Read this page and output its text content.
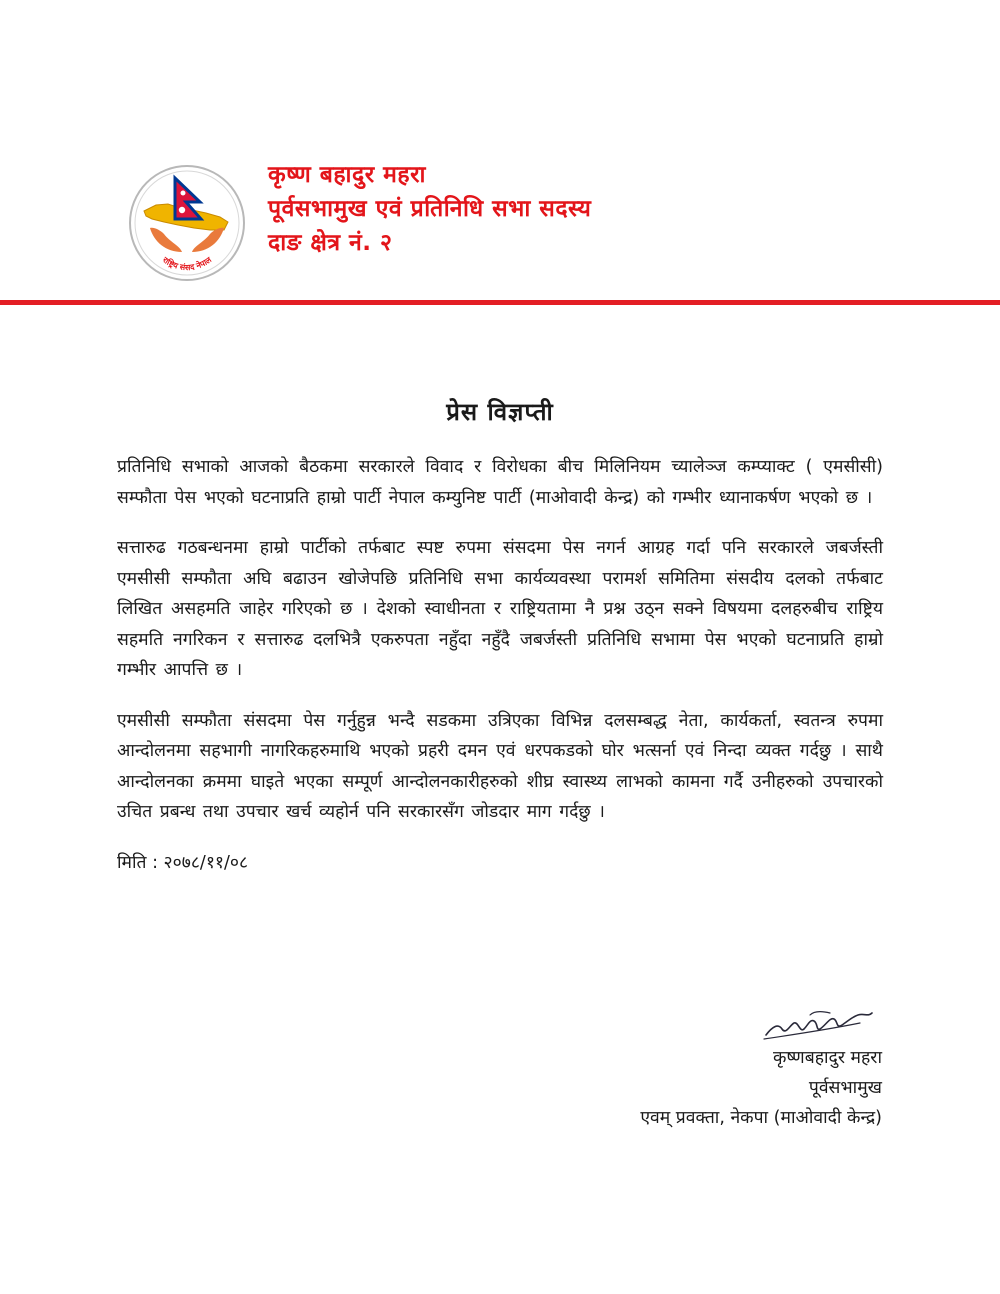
राष्ट्रिय संसद नेपाल
कृष्ण बहादुर महरा
पूर्वसभामुख एवं प्रतिनिधि सभा सदस्य
दाङ क्षेत्र नं. २
प्रेस विज्ञप्ती

प्रतिनिधि सभाको आजको बैठकमा सरकारले विवाद र विरोधका बीच मिलिनियम च्यालेञ्ज कम्प्याक्ट ( एमसीसी) सम्फौता पेस भएको घटनाप्रति हाम्रो पार्टी नेपाल कम्युनिष्ट पार्टी (माओवादी केन्द्र) को गम्भीर ध्यानाकर्षण भएको छ ।

सत्तारुढ गठबन्धनमा हाम्रो पार्टीको तर्फबाट स्पष्ट रुपमा संसदमा पेस नगर्न आग्रह गर्दा पनि सरकारले जबर्जस्ती एमसीसी सम्फौता अघि बढाउन खोजेपछि प्रतिनिधि सभा कार्यव्यवस्था परामर्श समितिमा संसदीय दलको तर्फबाट लिखित असहमति जाहेर गरिएको छ । देशको स्वाधीनता र राष्ट्रियतामा नै प्रश्न उठ्न सक्ने विषयमा दलहरुबीच राष्ट्रिय सहमति नगरिकन र सत्तारुढ दलभित्रै एकरुपता नहुँदा नहुँदै जबर्जस्ती प्रतिनिधि सभामा पेस भएको घटनाप्रति हाम्रो गम्भीर आपत्ति छ ।

एमसीसी सम्फौता संसदमा पेस गर्नुहुन्न भन्दै सडकमा उत्रिएका विभिन्न दलसम्बद्ध नेता, कार्यकर्ता, स्वतन्त्र रुपमा आन्दोलनमा सहभागी नागरिकहरुमाथि भएको प्रहरी दमन एवं धरपकडको घोर भत्सर्ना एवं निन्दा व्यक्त गर्दछु । साथै आन्दोलनका क्रममा घाइते भएका सम्पूर्ण आन्दोलनकारीहरुको शीघ्र स्वास्थ्य लाभको कामना गर्दै उनीहरुको उपचारको उचित प्रबन्ध तथा उपचार खर्च व्यहोर्न पनि सरकारसँग जोडदार माग गर्दछु ।

मिति : २०७८/११/०८
कृष्णबहादुर महरा
पूर्वसभामुख
एवम् प्रवक्ता, नेकपा (माओवादी केन्द्र)
